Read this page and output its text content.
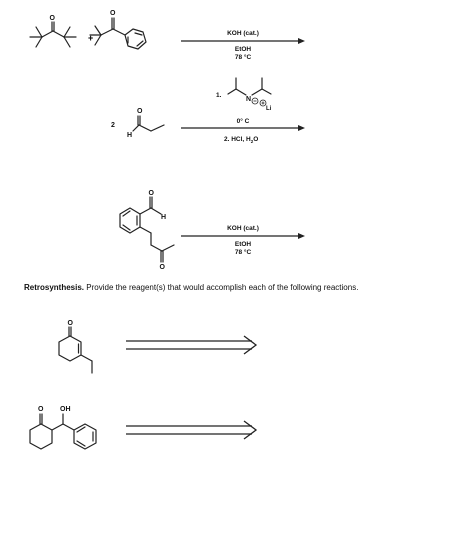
O
+
O
KOH (cat.)
EtOH
78 °C
2
O
H
1.
N
Li
0° C
2. HCl, $H_2O$
O
H
O
KOH (cat.)
EtOH
78 °C
O
O OH
Retrosynthesis. Provide the reagent(s) that would accomplish each of the following reactions.
